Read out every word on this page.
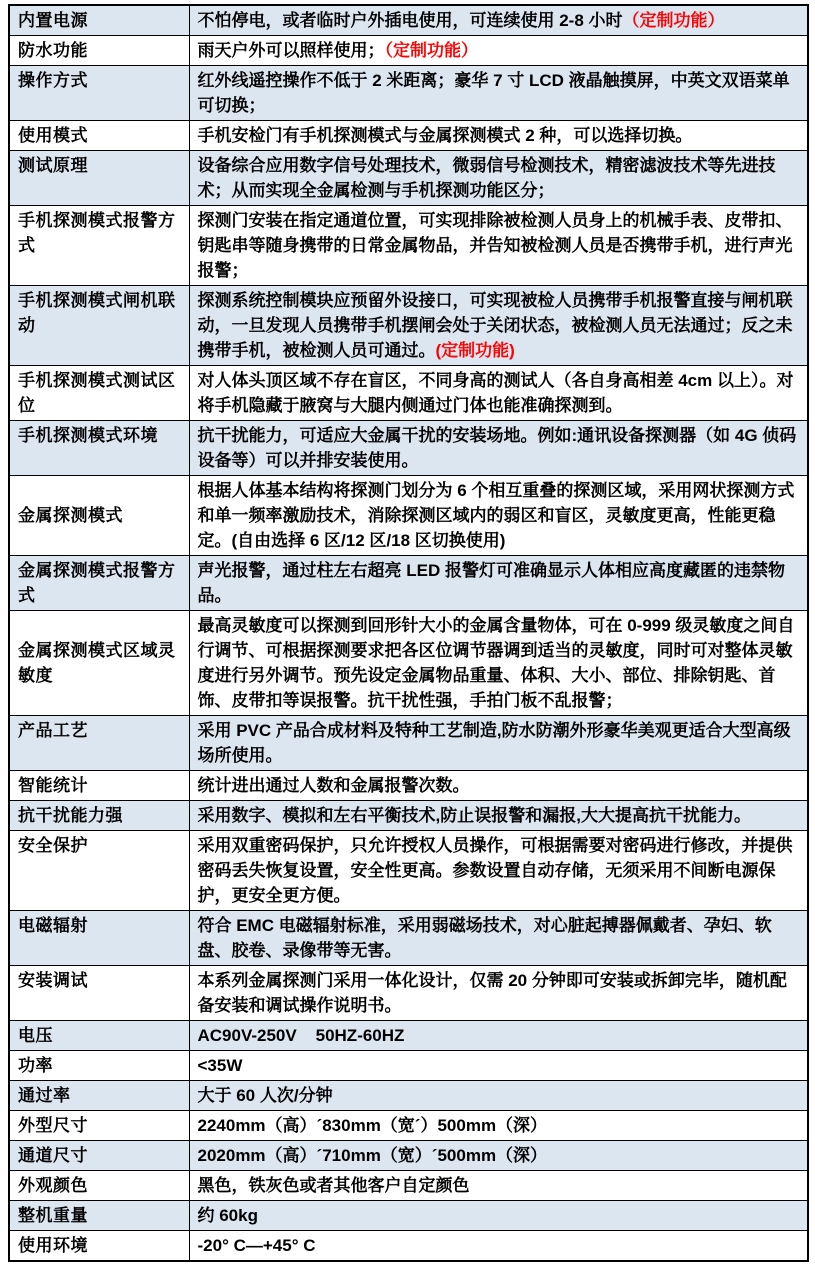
内置电源	不怕停电，或者临时户外插电使用，可连续使用 2-8 小时（定制功能）
防水功能	雨天户外可以照样使用；（定制功能）
操作方式	红外线遥控操作不低于 2 米距离；豪华 7 寸 LCD 液晶触摸屏，中英文双语菜单可切换；
使用模式	手机安检门有手机探测模式与金属探测模式 2 种，可以选择切换。
测试原理	设备综合应用数字信号处理技术，微弱信号检测技术，精密滤波技术等先进技术；从而实现全金属检测与手机探测功能区分；
手机探测模式报警方式	探测门安装在指定通道位置，可实现排除被检测人员身上的机械手表、皮带扣、钥匙串等随身携带的日常金属物品，并告知被检测人员是否携带手机，进行声光报警；
手机探测模式闸机联动	探测系统控制模块应预留外设接口，可实现被检人员携带手机报警直接与闸机联动，一旦发现人员携带手机摆闸会处于关闭状态，被检测人员无法通过；反之未携带手机，被检测人员可通过。(定制功能)
手机探测模式测试区位	对人体头顶区域不存在盲区，不同身高的测试人（各自身高相差 4cm 以上）。对将手机隐藏于腋窝与大腿内侧通过门体也能准确探测到。
手机探测模式环境	抗干扰能力，可适应大金属干扰的安装场地。例如:通讯设备探测器（如 4G 侦码设备等）可以并排安装使用。
金属探测模式	根据人体基本结构将探测门划分为 6 个相互重叠的探测区域，采用网状探测方式和单一频率激励技术，消除探测区域内的弱区和盲区，灵敏度更高，性能更稳定。(自由选择 6 区/12 区/18 区切换使用)
金属探测模式报警方式	声光报警，通过柱左右超亮 LED 报警灯可准确显示人体相应高度藏匿的违禁物品。
金属探测模式区域灵敏度	最高灵敏度可以探测到回形针大小的金属含量物体，可在 0-999 级灵敏度之间自行调节、可根据探测要求把各区位调节器调到适当的灵敏度，同时可对整体灵敏度进行另外调节。预先设定金属物品重量、体积、大小、部位、排除钥匙、首饰、皮带扣等误报警。抗干扰性强，手拍门板不乱报警；
产品工艺	采用 PVC 产品合成材料及特种工艺制造,防水防潮外形豪华美观更适合大型高级场所使用。
智能统计	统计进出通过人数和金属报警次数。
抗干扰能力强	采用数字、模拟和左右平衡技术,防止误报警和漏报,大大提高抗干扰能力。
安全保护	采用双重密码保护，只允许授权人员操作，可根据需要对密码进行修改，并提供密码丢失恢复设置，安全性更高。参数设置自动存储，无须采用不间断电源保护，更安全更方便。
电磁辐射	符合 EMC 电磁辐射标准，采用弱磁场技术，对心脏起搏器佩戴者、孕妇、软盘、胶卷、录像带等无害。
安装调试	本系列金属探测门采用一体化设计，仅需 20 分钟即可安装或拆卸完毕，随机配备安装和调试操作说明书。
电压	AC90V-250V    50HZ-60HZ
功率	<35W
通过率	大于 60 人次/分钟
外型尺寸	2240mm（高）´830mm（宽´）500mm（深）
通道尺寸	2020mm（高）´710mm（宽）´500mm（深）
外观颜色	黑色，铁灰色或者其他客户自定颜色
整机重量	约 60kg
使用环境	-20° C—+45° C
